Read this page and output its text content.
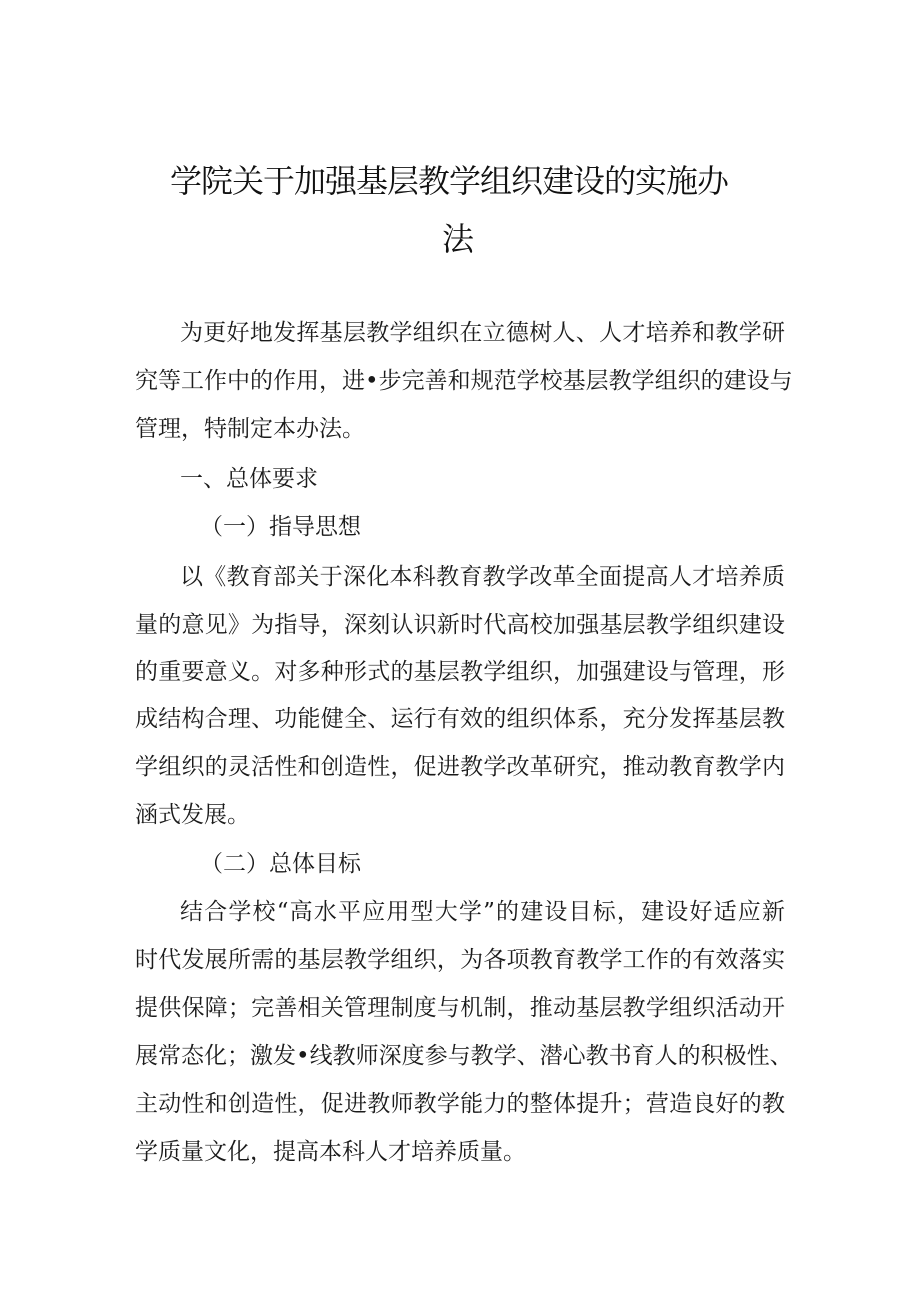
学院关于加强基层教学组织建设的实施办
法
为更好地发挥基层教学组织在立德树人、人才培养和教学研
究等工作中的作用，进•步完善和规范学校基层教学组织的建设与
管理，特制定本办法。
一、总体要求
（一）指导思想
以《教育部关于深化本科教育教学改革全面提高人才培养质
量的意见》为指导，深刻认识新时代高校加强基层教学组织建设
的重要意义。对多种形式的基层教学组织，加强建设与管理，形
成结构合理、功能健全、运行有效的组织体系，充分发挥基层教
学组织的灵活性和创造性，促进教学改革研究，推动教育教学内
涵式发展。
（二）总体目标
结合学校“高水平应用型大学”的建设目标，建设好适应新
时代发展所需的基层教学组织，为各项教育教学工作的有效落实
提供保障；完善相关管理制度与机制，推动基层教学组织活动开
展常态化；激发•线教师深度参与教学、潜心教书育人的积极性、
主动性和创造性，促进教师教学能力的整体提升；营造良好的教
学质量文化，提高本科人才培养质量。
